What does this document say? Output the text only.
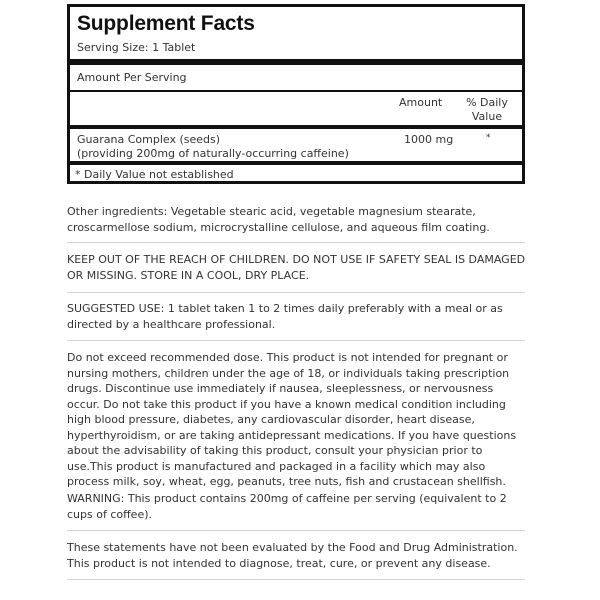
Supplement Facts
Serving Size: 1 Tablet
Amount Per Serving
Amount	% Daily
Value
Guarana Complex (seeds)
(providing 200mg of naturally-occurring caffeine)
1000 mg	*
* Daily Value not established
Other ingredients: Vegetable stearic acid, vegetable magnesium stearate,
croscarmellose sodium, microcrystalline cellulose, and aqueous film coating.
KEEP OUT OF THE REACH OF CHILDREN. DO NOT USE IF SAFETY SEAL IS DAMAGED
OR MISSING. STORE IN A COOL, DRY PLACE.
SUGGESTED USE: 1 tablet taken 1 to 2 times daily preferably with a meal or as
directed by a healthcare professional.
Do not exceed recommended dose. This product is not intended for pregnant or
nursing mothers, children under the age of 18, or individuals taking prescription
drugs. Discontinue use immediately if nausea, sleeplessness, or nervousness
occur. Do not take this product if you have a known medical condition including
high blood pressure, diabetes, any cardiovascular disorder, heart disease,
hyperthyroidism, or are taking antidepressant medications. If you have questions
about the advisability of taking this product, consult your physician prior to
use.This product is manufactured and packaged in a facility which may also
process milk, soy, wheat, egg, peanuts, tree nuts, fish and crustacean shellfish.
WARNING: This product contains 200mg of caffeine per serving (equivalent to 2
cups of coffee).
These statements have not been evaluated by the Food and Drug Administration.
This product is not intended to diagnose, treat, cure, or prevent any disease.
